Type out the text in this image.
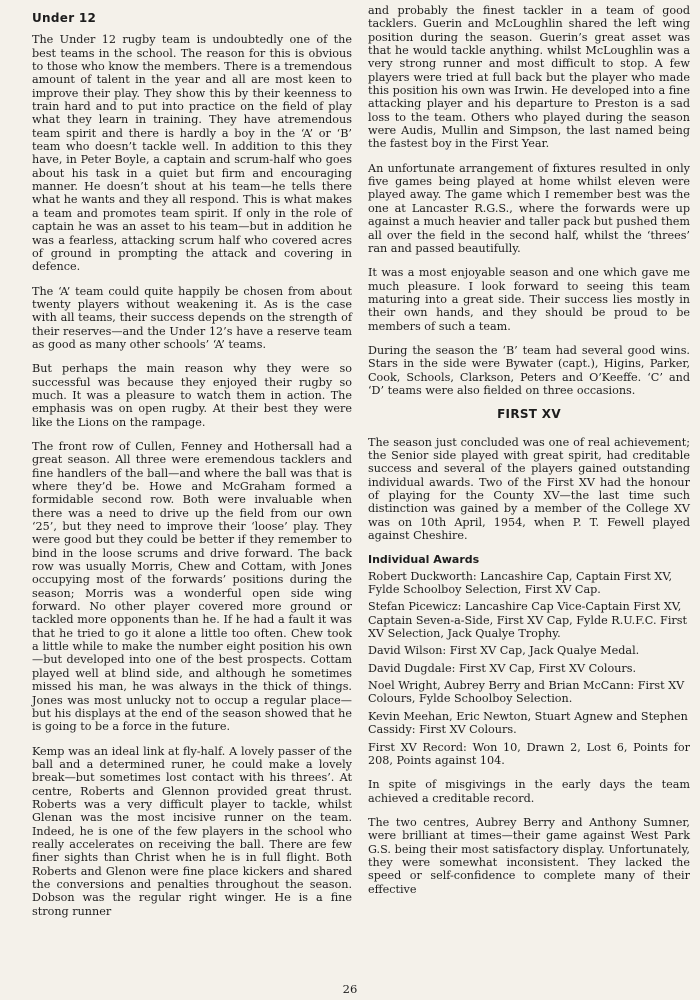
Under 12

The Under 12 rugby team is undoubtedly one of the best teams in the school. The reason for this is obvious to those who know the members. There is a tremendous amount of talent in the year and all are most keen to improve their play. They show this by their keenness to train hard and to put into practice on the field of play what they learn in training. They have atremendous team spirit and there is hardly a boy in the ‘A’ or ‘B’ team who doesn’t tackle well. In addition to this they have, in Peter Boyle, a captain and scrum-half who goes about his task in a quiet but firm and encouraging manner. He doesn’t shout at his team—he tells there what he wants and they all respond. This is what makes a team and promotes team spirit. If only in the role of captain he was an asset to his team—but in addition he was a fearless, attacking scrum half who covered acres of ground in prompting the attack and covering in defence.

The ‘A’ team could quite happily be chosen from about twenty players without weakening it. As is the case with all teams, their success depends on the strength of their reserves—and the Under 12’s have a reserve team as good as many other schools’ ‘A’ teams.

But perhaps the main reason why they were so successful was because they enjoyed their rugby so much. It was a pleasure to watch them in action. The emphasis was on open rugby. At their best they were like the Lions on the rampage.

The front row of Cullen, Fenney and Hothersall had a great season. All three were eremendous tacklers and fine handlers of the ball—and where the ball was that is where they’d be. Howe and McGraham formed a formidable second row. Both were invaluable when there was a need to drive up the field from our own ‘25’, but they need to improve their ‘loose’ play. They were good but they could be better if they remember to bind in the loose scrums and drive forward. The back row was usually Morris, Chew and Cottam, with Jones occupying most of the forwards’ positions during the season; Morris was a wonderful open side wing forward. No other player covered more ground or tackled more opponents than he. If he had a fault it was that he tried to go it alone a little too often. Chew took a little while to make the number eight position his own—but developed into one of the best prospects. Cottam played well at blind side, and although he sometimes missed his man, he was always in the thick of things. Jones was most unlucky not to occup a regular place—but his displays at the end of the season showed that he is going to be a force in the future.

Kemp was an ideal link at fly-half. A lovely passer of the ball and a determined runer, he could make a lovely break—but sometimes lost contact with his threes’. At centre, Roberts and Glennon provided great thrust. Roberts was a very difficult player to tackle, whilst Glenan was the most incisive runner on the team. Indeed, he is one of the few players in the school who really accelerates on receiving the ball. There are few finer sights than Christ when he is in full flight. Both Roberts and Glenon were fine place kickers and shared the conversions and penalties throughout the season. Dobson was the regular right winger. He is a fine strong runner

and probably the finest tackler in a team of good tacklers. Guerin and McLoughlin shared the left wing position during the season. Guerin’s great asset was that he would tackle anything. whilst McLoughlin was a very strong runner and most difficult to stop. A few players were tried at full back but the player who made this position his own was Irwin. He developed into a fine attacking player and his departure to Preston is a sad loss to the team. Others who played during the season were Audis, Mullin and Simpson, the last named being the fastest boy in the First Year.

An unfortunate arrangement of fixtures resulted in only five games being played at home whilst eleven were played away. The game which I remember best was the one at Lancaster R.G.S., where the forwards were up against a much heavier and taller pack but pushed them all over the field in the second half, whilst the ‘threes’ ran and passed beautifully.

It was a most enjoyable season and one which gave me much pleasure. I look forward to seeing this team maturing into a great side. Their success lies mostly in their own hands, and they should be proud to be members of such a team.

During the season the ‘B’ team had several good wins. Stars in the side were Bywater (capt.), Higins, Parker, Cook, Schools, Clarkson, Peters and O’Keeffe. ‘C’ and ‘D’ teams were also fielded on three occasions.

FIRST XV

The season just concluded was one of real achievement; the Senior side played with great spirit, had creditable success and several of the players gained outstanding individual awards. Two of the First XV had the honour of playing for the County XV—the last time such distinction was gained by a member of the College XV was on 10th April, 1954, when P. T. Fewell played against Cheshire.

Individual Awards
Robert Duckworth: Lancashire Cap, Captain First XV, Fylde Schoolboy Selection, First XV Cap.
Stefan Picewicz: Lancashire Cap Vice-Captain First XV, Captain Seven-a-Side, First XV Cap, Fylde R.U.F.C. First XV Selection, Jack Qualye Trophy.
David Wilson: First XV Cap, Jack Qualye Medal.
David Dugdale: First XV Cap, First XV Colours.
Noel Wright, Aubrey Berry and Brian McCann: First XV Colours, Fylde Schoolboy Selection.
Kevin Meehan, Eric Newton, Stuart Agnew and Stephen Cassidy: First XV Colours.

First XV Record: Won 10, Drawn 2, Lost 6, Points for 208, Points against 104.

In spite of misgivings in the early days the team achieved a creditable record.

The two centres, Aubrey Berry and Anthony Sumner, were brilliant at times—their game against West Park G.S. being their most satisfactory display. Unfortunately, they were somewhat inconsistent. They lacked the speed or self-confidence to complete many of their effective

26
